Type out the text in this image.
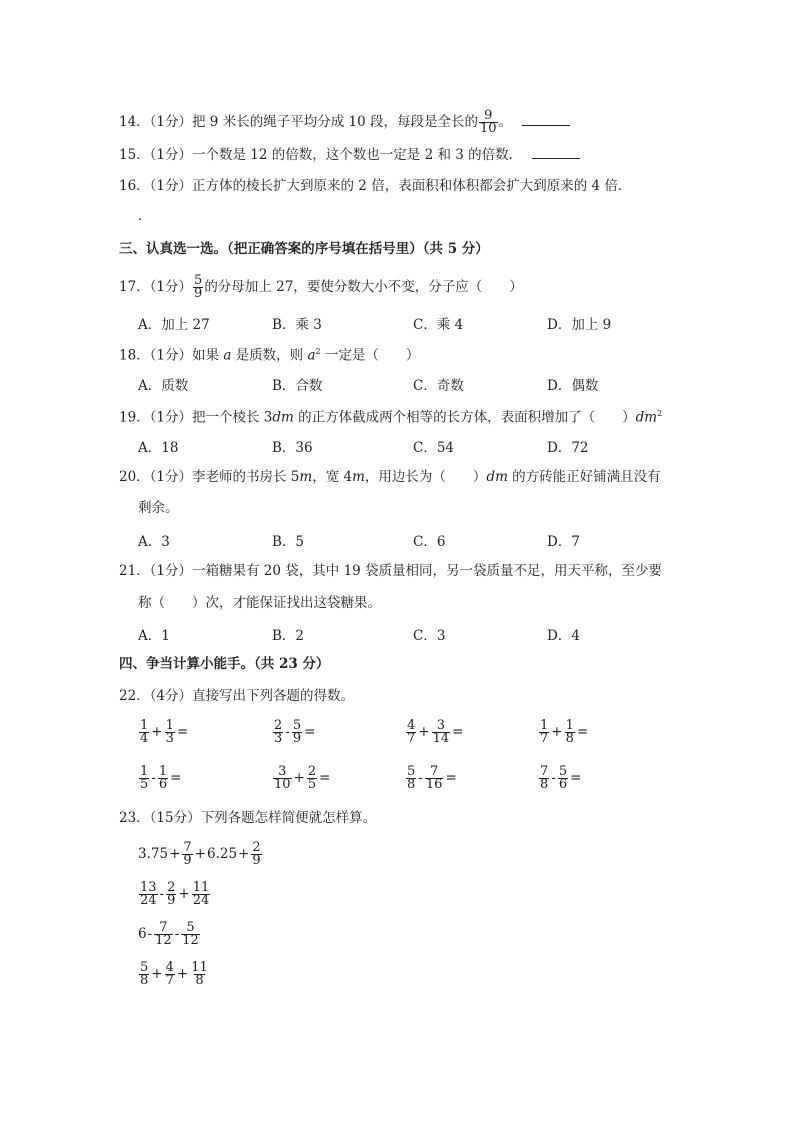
14．（1分）把 9 米长的绳子平均分成 10 段，每段是全长的 $\frac{9}{10}$ 。
15．（1分）一个数是 12 的倍数，这个数也一定是 2 和 3 的倍数．
16．（1分）正方体的棱长扩大到原来的 2 倍，表面积和体积都会扩大到原来的 4 倍．
．
三、认真选一选。（把正确答案的序号填在括号里）（共 5 分）
17．（1分） $\frac{5}{9}$ 的分母加上 27，要使分数大小不变，分子应（　　）
A．加上 27	B．乘 3	C．乘 4	D．加上 9
18．（1分）如果 a 是质数，则 $a^2$ 一定是（　　）
A．质数	B．合数	C．奇数	D．偶数
19．（1分）把一个棱长 3dm 的正方体截成两个相等的长方体，表面积增加了（　　）$dm^2$
A．18	B．36	C．54	D．72
20．（1分）李老师的书房长 5m，宽 4m，用边长为（　　）dm 的方砖能正好铺满且没有
剩余。
A．3	B．5	C．6	D．7
21．（1分）一箱糖果有 20 袋，其中 19 袋质量相同，另一袋质量不足，用天平称，至少要
称（　　）次，才能保证找出这袋糖果。
A．1	B．2	C．3	D．4
四、争当计算小能手。（共 23 分）
22．（4分）直接写出下列各题的得数。
$\frac{1}{4} + \frac{1}{3}$ =	$\frac{2}{3} - \frac{5}{9}$ =	$\frac{4}{7} + \frac{3}{14}$ =	$\frac{1}{7} + \frac{1}{8}$ =
$\frac{1}{5} - \frac{1}{6}$ =	$\frac{3}{10} + \frac{2}{5}$ =	$\frac{5}{8} - \frac{7}{16}$ =	$\frac{7}{8} - \frac{5}{6}$ =
23．（15分）下列各题怎样简便就怎样算。
$3.75+ \frac{7}{9} +6.25+ \frac{2}{9}$
$\frac{13}{24} - \frac{2}{9} + \frac{11}{24}$
$6- \frac{7}{12} - \frac{5}{12}$
$\frac{5}{8} + \frac{4}{7} + \frac{11}{8}$
